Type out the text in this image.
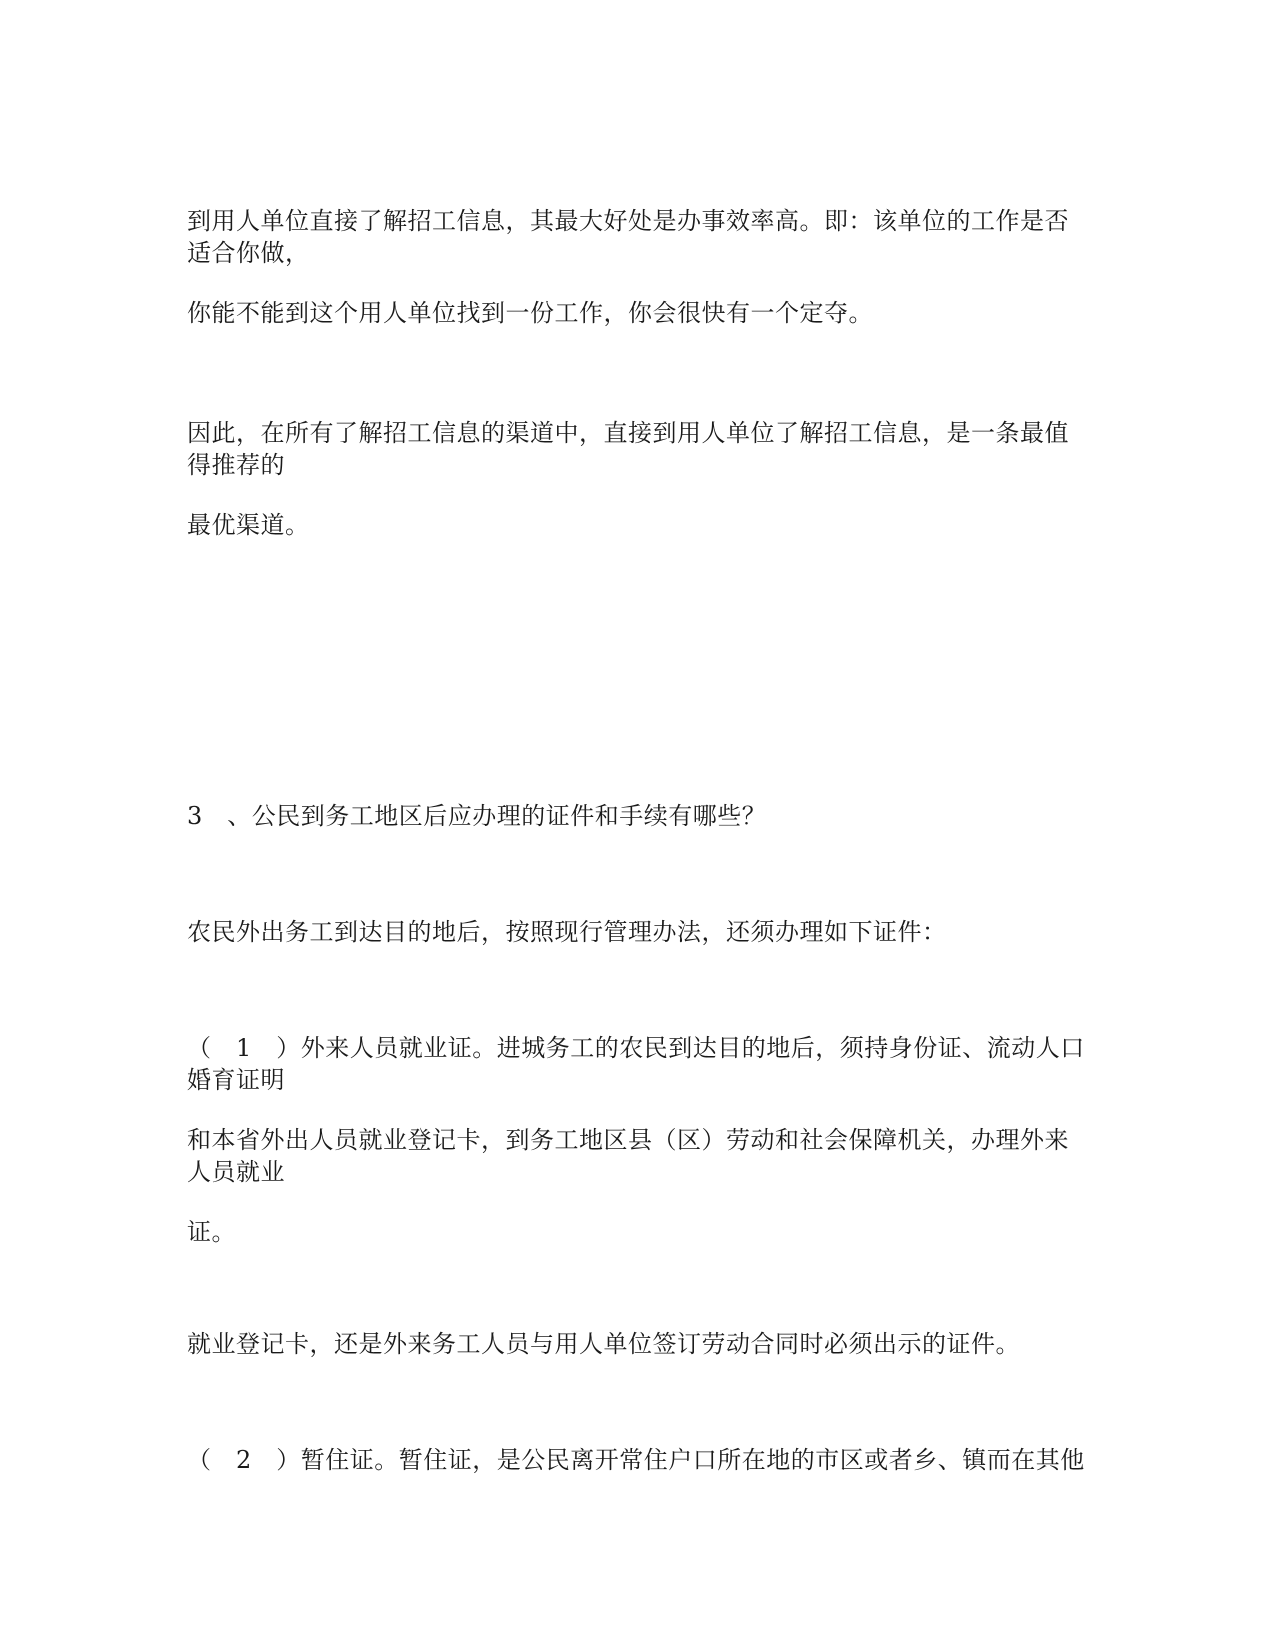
到用人单位直接了解招工信息，其最大好处是办事效率高。即：该单位的工作是否
适合你做，

你能不能到这个用人单位找到一份工作，你会很快有一个定夺。

因此，在所有了解招工信息的渠道中，直接到用人单位了解招工信息，是一条最值
得推荐的

最优渠道。

3　、公民到务工地区后应办理的证件和手续有哪些？

农民外出务工到达目的地后，按照现行管理办法，还须办理如下证件：

（　1　）外来人员就业证。进城务工的农民到达目的地后，须持身份证、流动人口
婚育证明

和本省外出人员就业登记卡，到务工地区县（区）劳动和社会保障机关，办理外来
人员就业

证。

就业登记卡，还是外来务工人员与用人单位签订劳动合同时必须出示的证件。

（　2　）暂住证。暂住证，是公民离开常住户口所在地的市区或者乡、镇而在其他
